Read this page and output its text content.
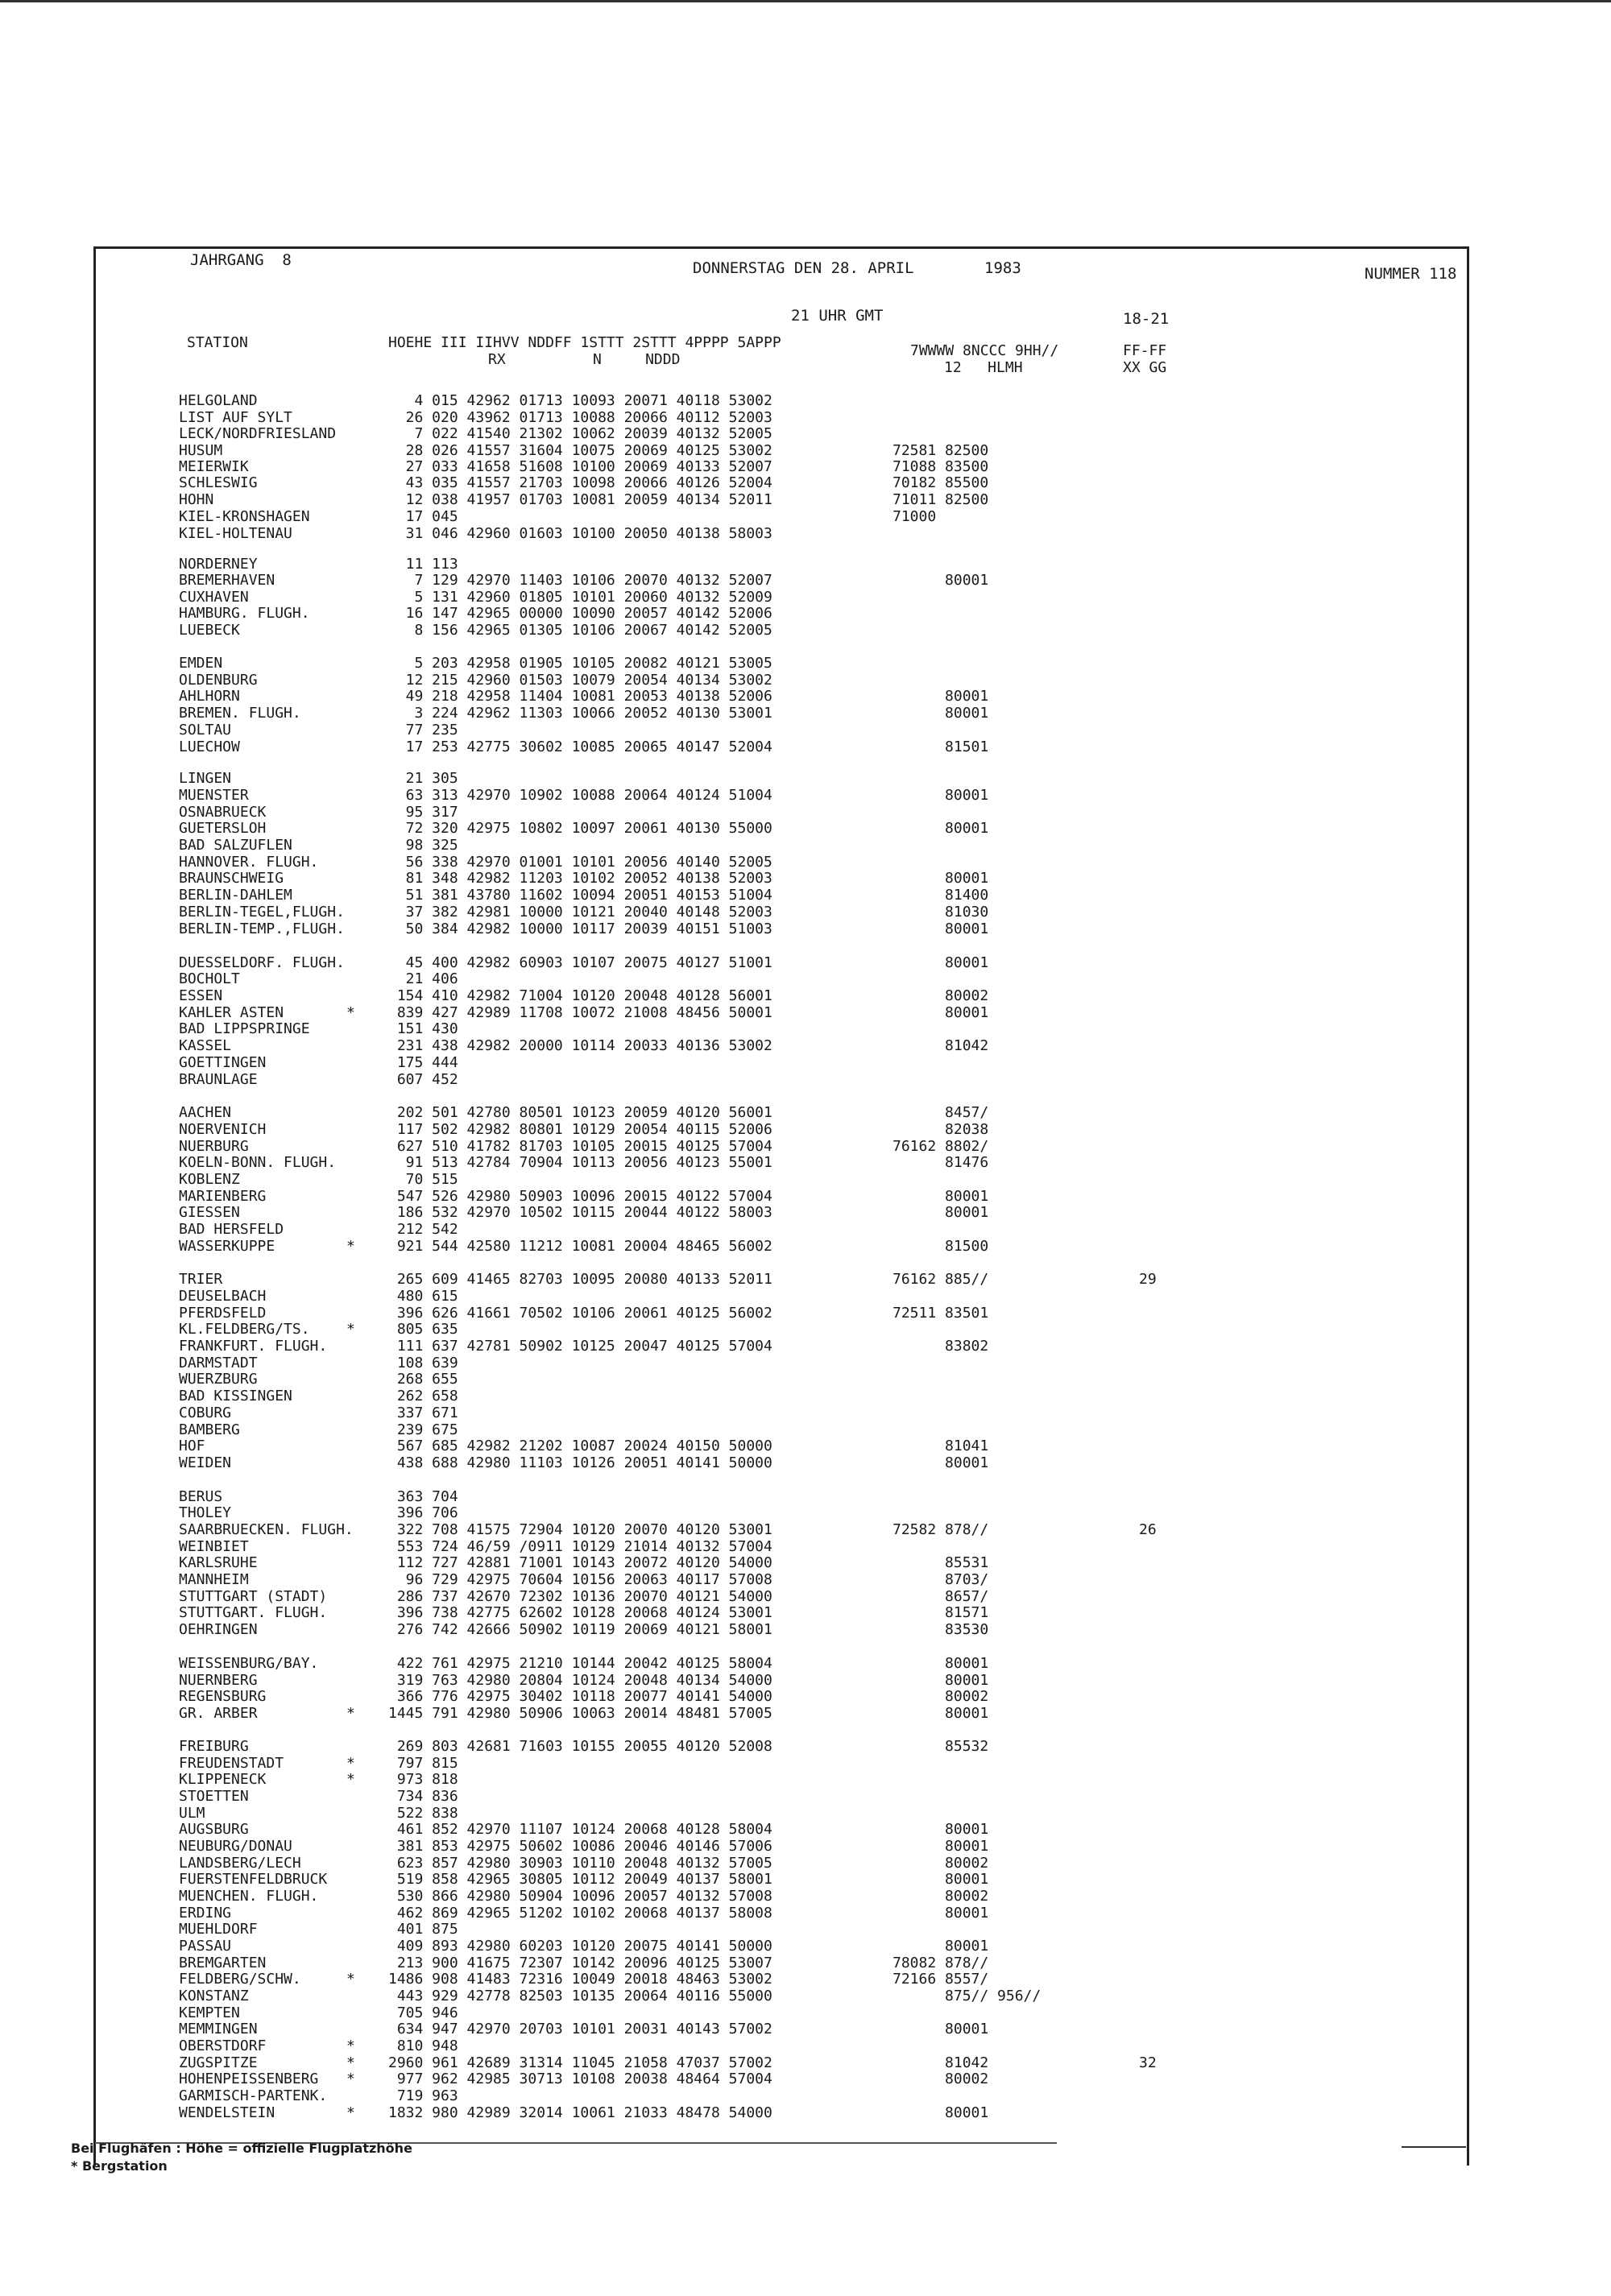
JAHRGANG  8	DONNERSTAG DEN 28. APRIL	1983	NUMMER 118
21 UHR GMT	18-21
STATION	HOEHE III IIHVV NDDFF 1STTT 2STTT 4PPPP 5APPP
RX          N     NDDD
7WWWW 8NCCC 9HH//
12   HLMH
FF-FF
XX GG
HELGOLAND	4 015 42962 01713 10093 20071 40118 53002
LIST AUF SYLT	26 020 43962 01713 10088 20066 40112 52003
LECK/NORDFRIESLAND	7 022 41540 21302 10062 20039 40132 52005
HUSUM	28 026 41557 31604 10075 20069 40125 53002	72581 82500
MEIERWIK	27 033 41658 51608 10100 20069 40133 52007	71088 83500
SCHLESWIG	43 035 41557 21703 10098 20066 40126 52004	70182 85500
HOHN	12 038 41957 01703 10081 20059 40134 52011	71011 82500
KIEL-KRONSHAGEN	17 045	71000
KIEL-HOLTENAU	31 046 42960 01603 10100 20050 40138 58003
NORDERNEY	11 113
BREMERHAVEN	7 129 42970 11403 10106 20070 40132 52007	80001
CUXHAVEN	5 131 42960 01805 10101 20060 40132 52009
HAMBURG. FLUGH.	16 147 42965 00000 10090 20057 40142 52006
LUEBECK	8 156 42965 01305 10106 20067 40142 52005
EMDEN	5 203 42958 01905 10105 20082 40121 53005
OLDENBURG	12 215 42960 01503 10079 20054 40134 53002
AHLHORN	49 218 42958 11404 10081 20053 40138 52006	80001
BREMEN. FLUGH.	3 224 42962 11303 10066 20052 40130 53001	80001
SOLTAU	77 235
LUECHOW	17 253 42775 30602 10085 20065 40147 52004	81501
LINGEN	21 305
MUENSTER	63 313 42970 10902 10088 20064 40124 51004	80001
OSNABRUECK	95 317
GUETERSLOH	72 320 42975 10802 10097 20061 40130 55000	80001
BAD SALZUFLEN	98 325
HANNOVER. FLUGH.	56 338 42970 01001 10101 20056 40140 52005
BRAUNSCHWEIG	81 348 42982 11203 10102 20052 40138 52003	80001
BERLIN-DAHLEM	51 381 43780 11602 10094 20051 40153 51004	81400
BERLIN-TEGEL,FLUGH.	37 382 42981 10000 10121 20040 40148 52003	81030
BERLIN-TEMP.,FLUGH.	50 384 42982 10000 10117 20039 40151 51003	80001
DUESSELDORF. FLUGH.	45 400 42982 60903 10107 20075 40127 51001	80001
BOCHOLT	21 406
ESSEN	154 410 42982 71004 10120 20048 40128 56001	80002
KAHLER ASTEN	* 839 427 42989 11708 10072 21008 48456 50001	80001
BAD LIPPSPRINGE	151 430
KASSEL	231 438 42982 20000 10114 20033 40136 53002	81042
GOETTINGEN	175 444
BRAUNLAGE	607 452
AACHEN	202 501 42780 80501 10123 20059 40120 56001	8457/
NOERVENICH	117 502 42982 80801 10129 20054 40115 52006	82038
NUERBURG	627 510 41782 81703 10105 20015 40125 57004	76162 8802/
KOELN-BONN. FLUGH.	91 513 42784 70904 10113 20056 40123 55001	81476
KOBLENZ	70 515
MARIENBERG	547 526 42980 50903 10096 20015 40122 57004	80001
GIESSEN	186 532 42970 10502 10115 20044 40122 58003	80001
BAD HERSFELD	212 542
WASSERKUPPE	* 921 544 42580 11212 10081 20004 48465 56002	81500
TRIER	265 609 41465 82703 10095 20080 40133 52011	76162 885//	29
DEUSELBACH	480 615
PFERDSFELD	396 626 41661 70502 10106 20061 40125 56002	72511 83501
KL.FELDBERG/TS.	* 805 635
FRANKFURT. FLUGH.	111 637 42781 50902 10125 20047 40125 57004	83802
DARMSTADT	108 639
WUERZBURG	268 655
BAD KISSINGEN	262 658
COBURG	337 671
BAMBERG	239 675
HOF	567 685 42982 21202 10087 20024 40150 50000	81041
WEIDEN	438 688 42980 11103 10126 20051 40141 50000	80001
BERUS	363 704
THOLEY	396 706
SAARBRUECKEN. FLUGH. 322 708 41575 72904 10120 20070 40120 53001	72582 878//	26
WEINBIET	553 724 46/59 /0911 10129 21014 40132 57004
KARLSRUHE	112 727 42881 71001 10143 20072 40120 54000	85531
MANNHEIM	96 729 42975 70604 10156 20063 40117 57008	8703/
STUTTGART (STADT)	286 737 42670 72302 10136 20070 40121 54000	8657/
STUTTGART. FLUGH.	396 738 42775 62602 10128 20068 40124 53001	81571
OEHRINGEN	276 742 42666 50902 10119 20069 40121 58001	83530
WEISSENBURG/BAY.	422 761 42975 21210 10144 20042 40125 58004	80001
NUERNBERG	319 763 42980 20804 10124 20048 40134 54000	80001
REGENSBURG	366 776 42975 30402 10118 20077 40141 54000	80002
GR. ARBER	* 1445 791 42980 50906 10063 20014 48481 57005	80001
FREIBURG	269 803 42681 71603 10155 20055 40120 52008	85532
FREUDENSTADT	* 797 815
KLIPPENECK	* 973 818
STOETTEN	734 836
ULM	522 838
AUGSBURG	461 852 42970 11107 10124 20068 40128 58004	80001
NEUBURG/DONAU	381 853 42975 50602 10086 20046 40146 57006	80001
LANDSBERG/LECH	623 857 42980 30903 10110 20048 40132 57005	80002
FUERSTENFELDBRUCK	519 858 42965 30805 10112 20049 40137 58001	80001
MUENCHEN. FLUGH.	530 866 42980 50904 10096 20057 40132 57008	80002
ERDING	462 869 42965 51202 10102 20068 40137 58008	80001
MUEHLDORF	401 875
PASSAU	409 893 42980 60203 10120 20075 40141 50000	80001
BREMGARTEN	213 900 41675 72307 10142 20096 40125 53007	78082 878//
FELDBERG/SCHW.	* 1486 908 41483 72316 10049 20018 48463 53002	72166 8557/
KONSTANZ	443 929 42778 82503 10135 20064 40116 55000	875// 956//
KEMPTEN	705 946
MEMMINGEN	634 947 42970 20703 10101 20031 40143 57002	80001
OBERSTDORF	* 810 948
ZUGSPITZE	* 2960 961 42689 31314 11045 21058 47037 57002	81042	32
HOHENPEISSENBERG * 977 962 42985 30713 10108 20038 48464 57004	80002
GARMISCH-PARTENK.	719 963
WENDELSTEIN	* 1832 980 42989 32014 10061 21033 48478 54000	80001
Bei Flughäfen : Höhe = offizielle Flugplatzhöhe
* Bergstation
